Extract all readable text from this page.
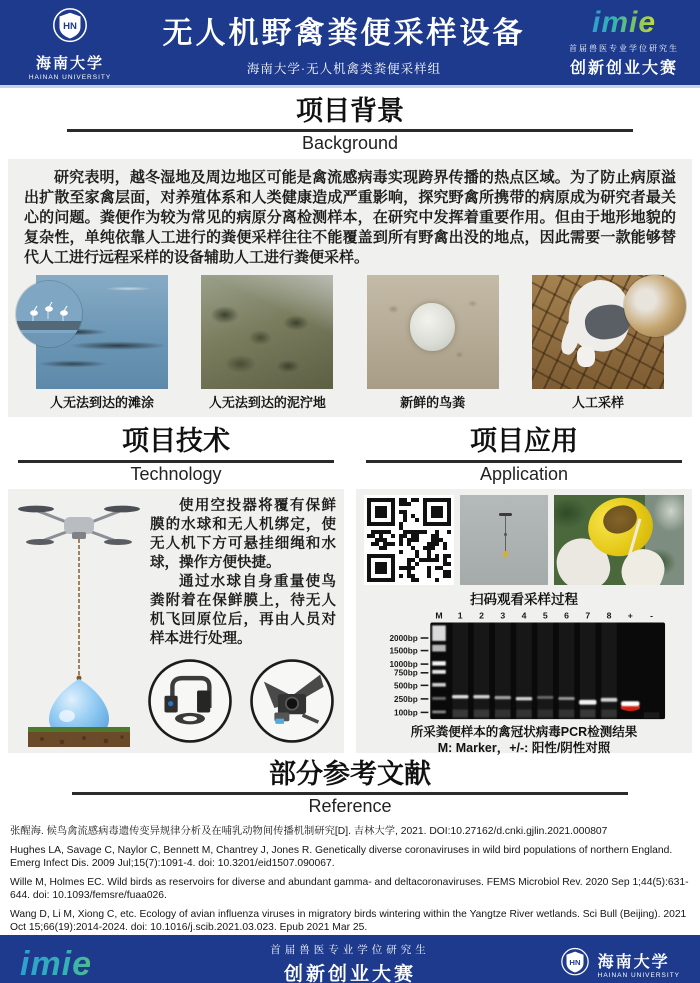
HN
海南大学
HAINAN UNIVERSITY
无人机野禽粪便采样设备
海南大学·无人机禽类粪便采样组
imie
首届兽医专业学位研究生
创新创业大赛
项目背景
Background
研究表明，越冬湿地及周边地区可能是禽流感病毒实现跨界传播的热点区域。为了防止病原溢出扩散至家禽层面，对养殖体系和人类健康造成严重影响，探究野禽所携带的病原成为研究者最关心的问题。粪便作为较为常见的病原分离检测样本，在研究中发挥着重要作用。但由于地形地貌的复杂性，单纯依靠人工进行的粪便采样往往不能覆盖到所有野禽出没的地点，因此需要一款能够替代人工进行远程采样的设备辅助人工进行粪便采样。
人无法到达的滩涂	人无法到达的泥泞地	新鲜的鸟粪	人工采样
项目技术
Technology

使用空投器将覆有保鲜膜的水球和无人机绑定，使无人机下方可悬挂细绳和水球，操作方便快捷。

通过水球自身重量使鸟粪附着在保鲜膜上，待无人机飞回原位后，再由人员对样本进行处理。

项目应用
Application
扫码观看采样过程
M 1 2 3 4 5 6 7 8 + -
2000bp
1500bp
1000bp
750bp
500bp
250bp
100bp
所采粪便样本的禽冠状病毒PCR检测结果
M: Marker，+/-: 阳性/阴性对照
部分参考文献
Reference

张醒海. 候鸟禽流感病毒遗传变异规律分析及在哺乳动物间传播机制研究[D]. 吉林大学, 2021. DOI:10.27162/d.cnki.gjlin.2021.000807

Hughes LA, Savage C, Naylor C, Bennett M, Chantrey J, Jones R. Genetically diverse coronaviruses in wild bird populations of northern England. Emerg Infect Dis. 2009 Jul;15(7):1091-4. doi: 10.3201/eid1507.090067.

Wille M, Holmes EC. Wild birds as reservoirs for diverse and abundant gamma- and deltacoronaviruses. FEMS Microbiol Rev. 2020 Sep 1;44(5):631-644. doi: 10.1093/femsre/fuaa026.

Wang D, Li M, Xiong C, etc. Ecology of avian influenza viruses in migratory birds wintering within the Yangtze River wetlands. Sci Bull (Beijing). 2021 Oct 15;66(19):2014-2024. doi: 10.1016/j.scib.2021.03.023. Epub 2021 Mar 25.

imie	首届兽医专业学位研究生
创新创业大赛
HN 海南大学
HAINAN UNIVERSITY
